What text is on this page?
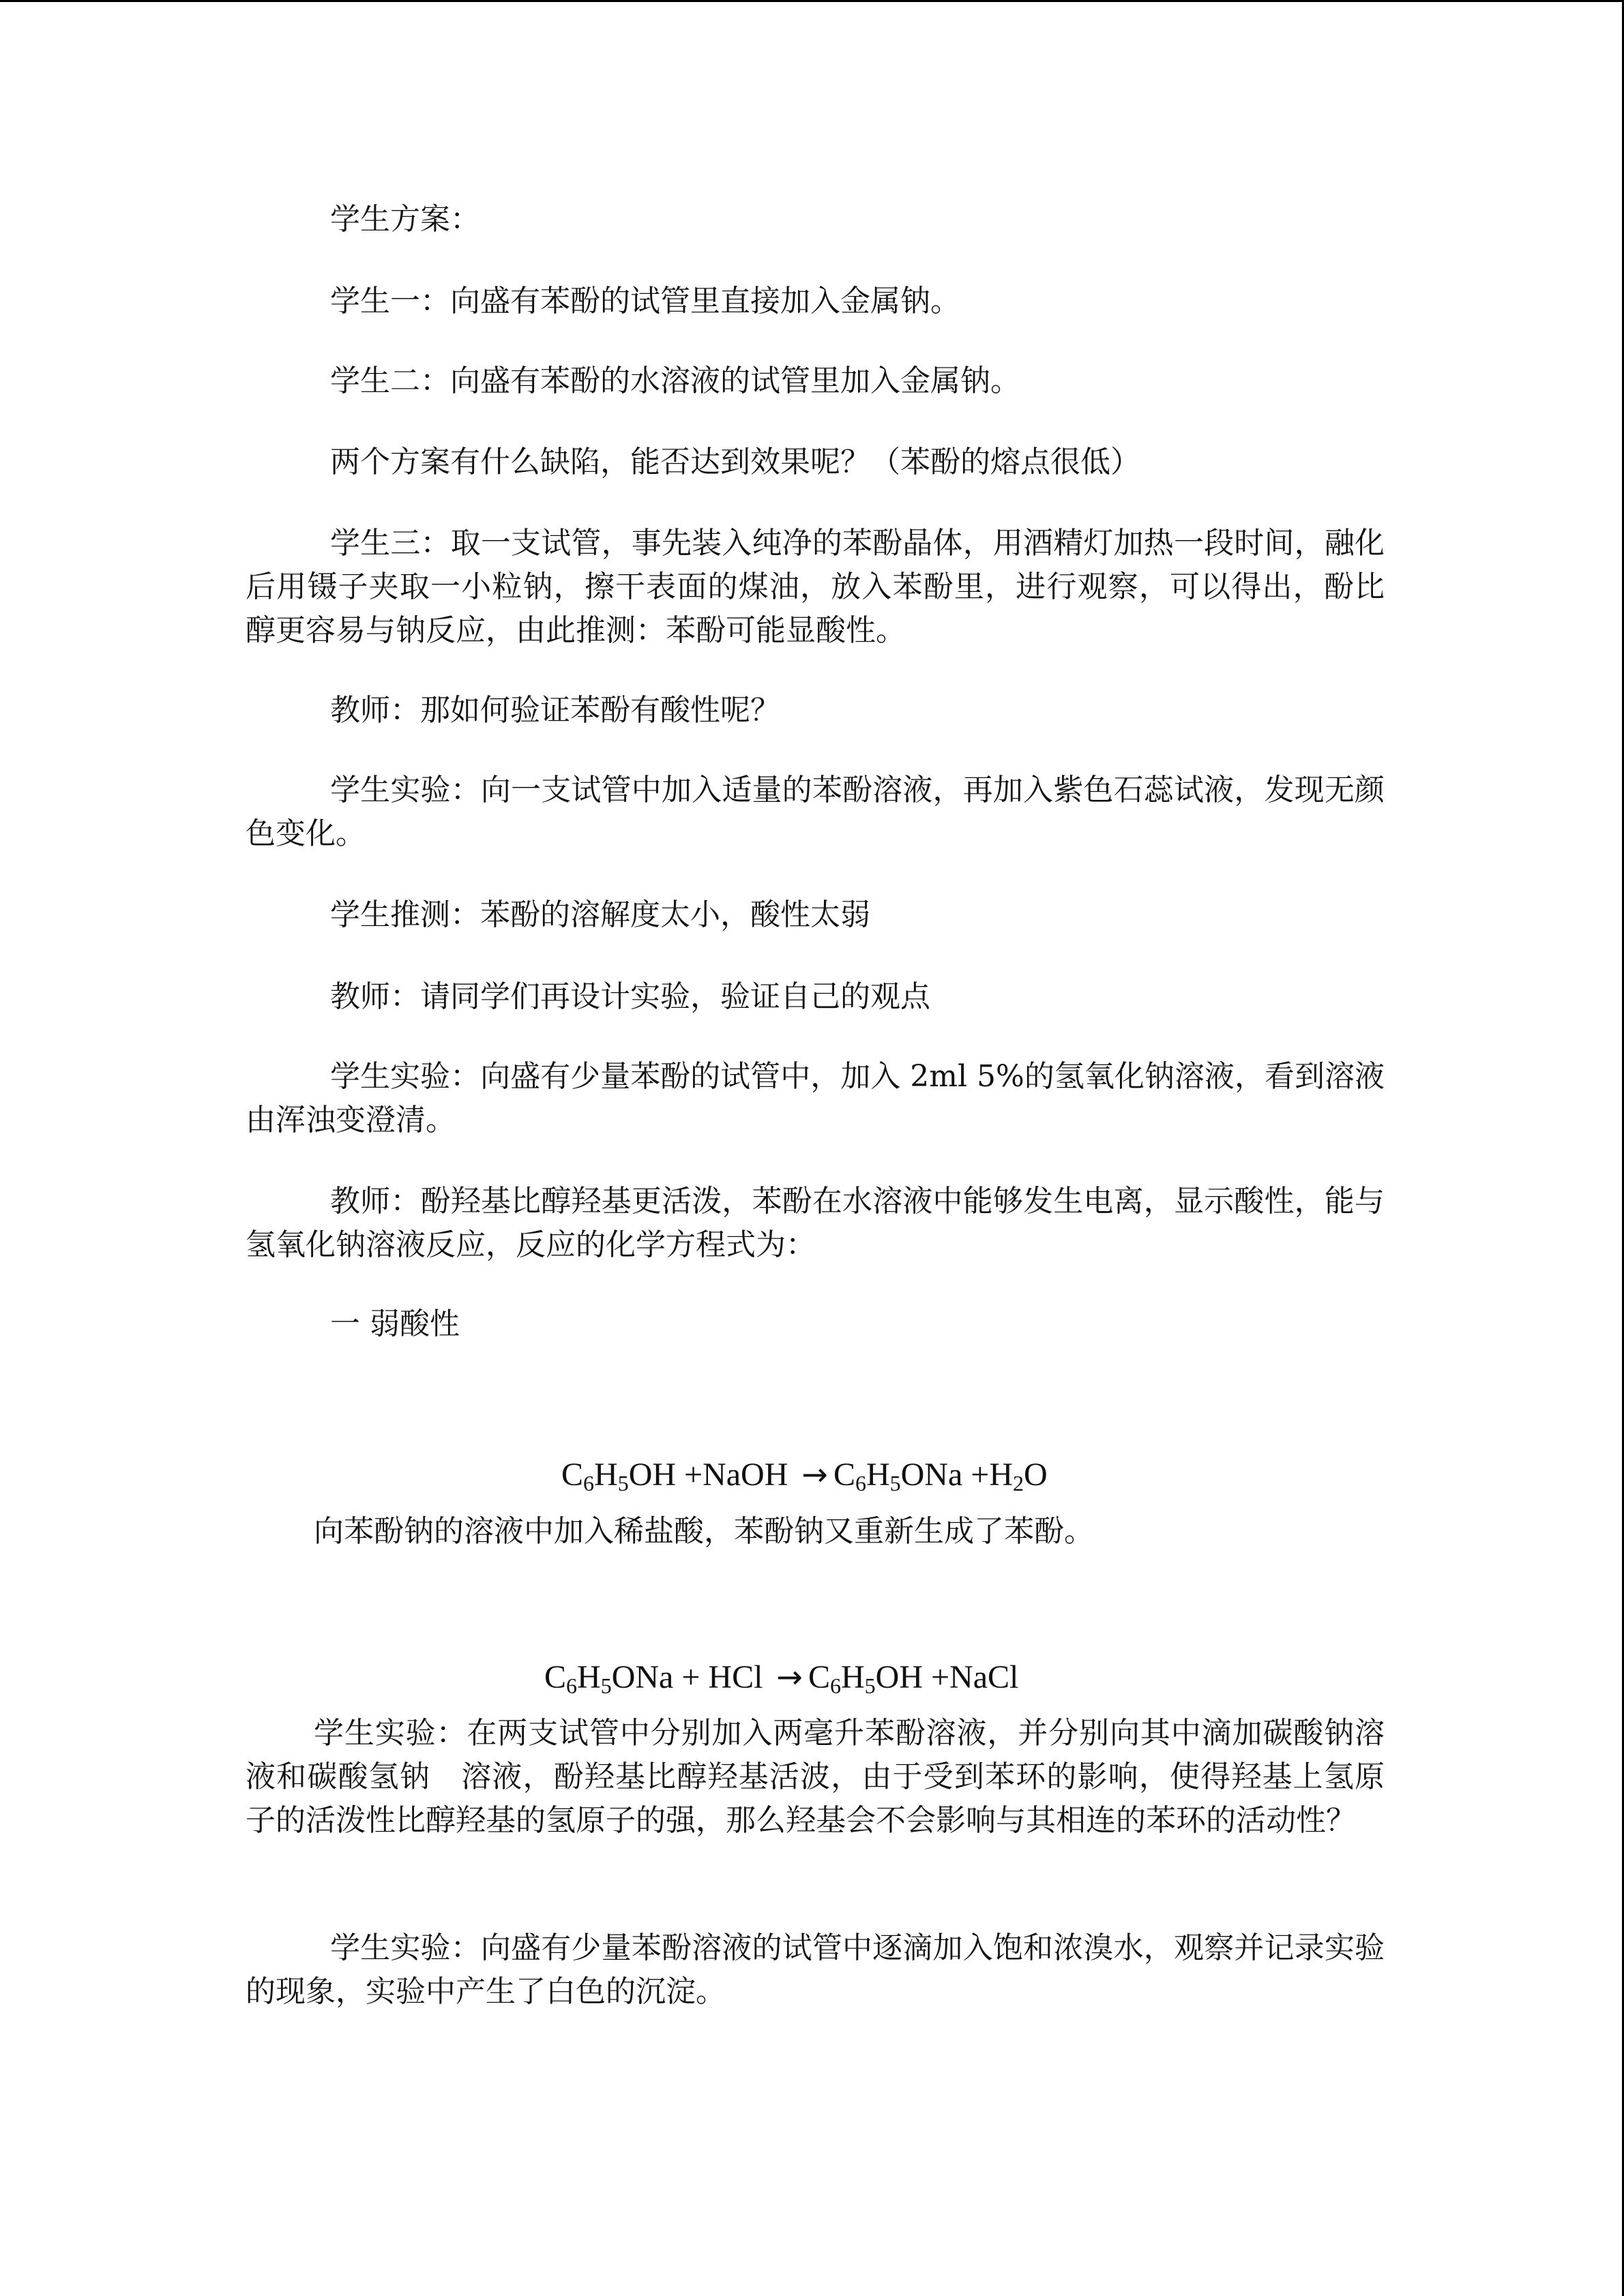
学生方案：

学生一：向盛有苯酚的试管里直接加入金属钠。

学生二：向盛有苯酚的水溶液的试管里加入金属钠。

两个方案有什么缺陷，能否达到效果呢？（苯酚的熔点很低）

学生三：取一支试管，事先装入纯净的苯酚晶体，用酒精灯加热一段时间，融化后用镊子夹取一小粒钠，擦干表面的煤油，放入苯酚里，进行观察，可以得出，酚比醇更容易与钠反应，由此推测：苯酚可能显酸性。

教师：那如何验证苯酚有酸性呢？

学生实验：向一支试管中加入适量的苯酚溶液，再加入紫色石蕊试液，发现无颜色变化。

学生推测：苯酚的溶解度太小，酸性太弱

教师：请同学们再设计实验，验证自己的观点

学生实验：向盛有少量苯酚的试管中，加入 2ml 5%的氢氧化钠溶液，看到溶液由浑浊变澄清。

教师：酚羟基比醇羟基更活泼，苯酚在水溶液中能够发生电离，显示酸性，能与氢氧化钠溶液反应，反应的化学方程式为：

一 弱酸性

$C_6H_5OH$ +NaOH → $C_6H_5ONa +H_2O$

向苯酚钠的溶液中加入稀盐酸，苯酚钠又重新生成了苯酚。

$C_6H_5ONa$ + HCl → $C_6H_5OH$ +NaCl

学生实验：在两支试管中分别加入两毫升苯酚溶液，并分别向其中滴加碳酸钠溶液和碳酸氢钠　溶液，酚羟基比醇羟基活波，由于受到苯环的影响，使得羟基上氢原子的活泼性比醇羟基的氢原子的强，那么羟基会不会影响与其相连的苯环的活动性？

学生实验：向盛有少量苯酚溶液的试管中逐滴加入饱和浓溴水，观察并记录实验的现象，实验中产生了白色的沉淀。
